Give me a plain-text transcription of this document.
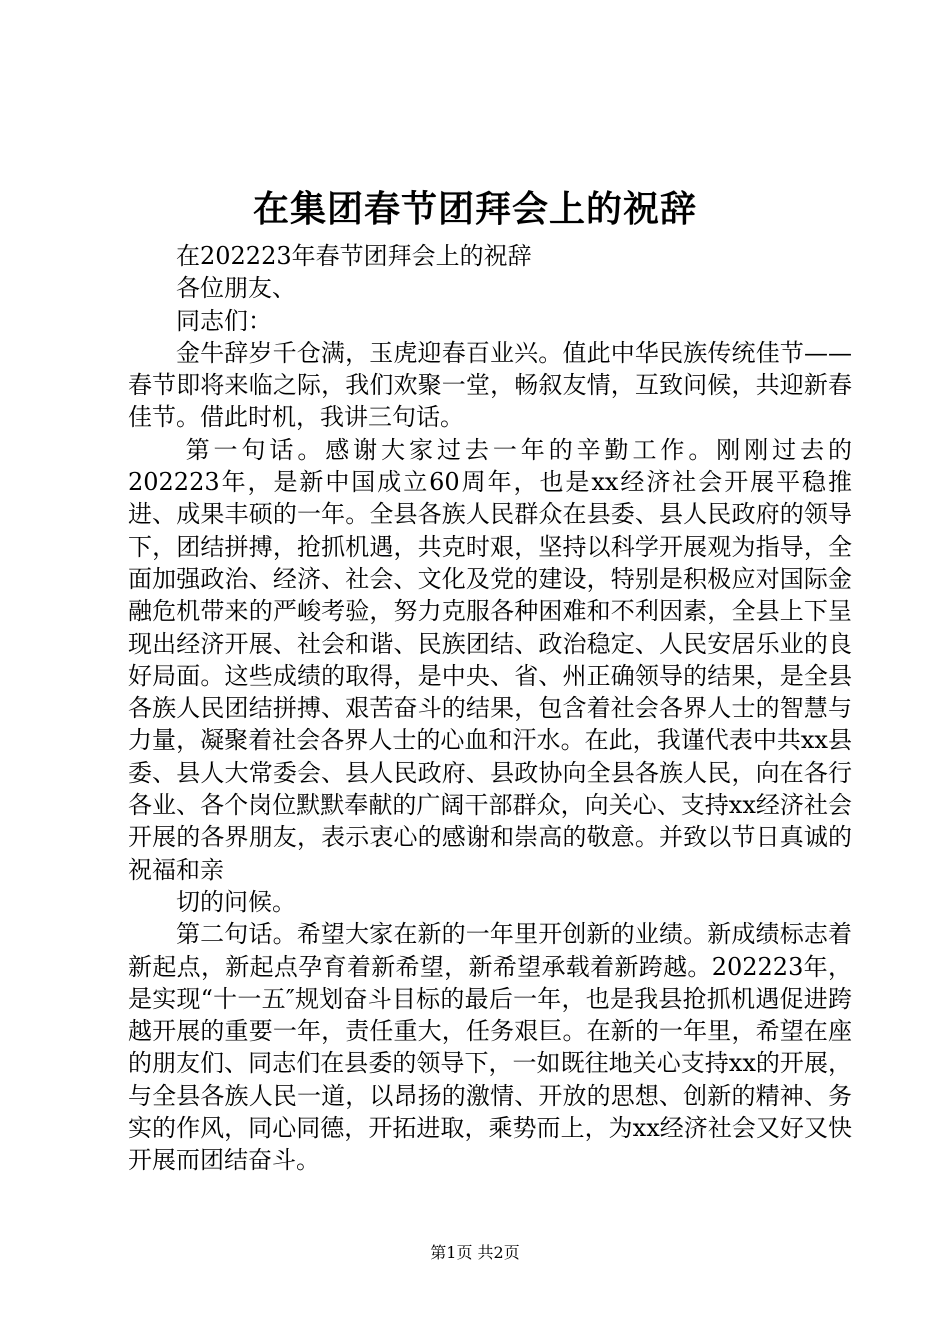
在集团春节团拜会上的祝辞

在202223年春节团拜会上的祝辞

各位朋友、

同志们：

金牛辞岁千仓满，玉虎迎春百业兴。值此中华民族传统佳节——春节即将来临之际，我们欢聚一堂，畅叙友情，互致问候，共迎新春佳节。借此时机，我讲三句话。

第一句话。感谢大家过去一年的辛勤工作。刚刚过去的202223年，是新中国成立60周年，也是xx经济社会开展平稳推进、成果丰硕的一年。全县各族人民群众在县委、县人民政府的领导下，团结拼搏，抢抓机遇，共克时艰，坚持以科学开展观为指导，全面加强政治、经济、社会、文化及党的建设，特别是积极应对国际金融危机带来的严峻考验，努力克服各种困难和不利因素，全县上下呈现出经济开展、社会和谐、民族团结、政治稳定、人民安居乐业的良好局面。这些成绩的取得，是中央、省、州正确领导的结果，是全县各族人民团结拼搏、艰苦奋斗的结果，包含着社会各界人士的智慧与力量，凝聚着社会各界人士的心血和汗水。在此，我谨代表中共xx县委、县人大常委会、县人民政府、县政协向全县各族人民，向在各行各业、各个岗位默默奉献的广阔干部群众，向关心、支持xx经济社会开展的各界朋友，表示衷心的感谢和崇高的敬意。并致以节日真诚的祝福和亲

切的问候。

第二句话。希望大家在新的一年里开创新的业绩。新成绩标志着新起点，新起点孕育着新希望，新希望承载着新跨越。202223年，是实现“十一五″规划奋斗目标的最后一年，也是我县抢抓机遇促进跨越开展的重要一年，责任重大，任务艰巨。在新的一年里，希望在座的朋友们、同志们在县委的领导下，一如既往地关心支持xx的开展，与全县各族人民一道，以昂扬的激情、开放的思想、创新的精神、务实的作风，同心同德，开拓进取，乘势而上，为xx经济社会又好又快开展而团结奋斗。

第1页 共2页
